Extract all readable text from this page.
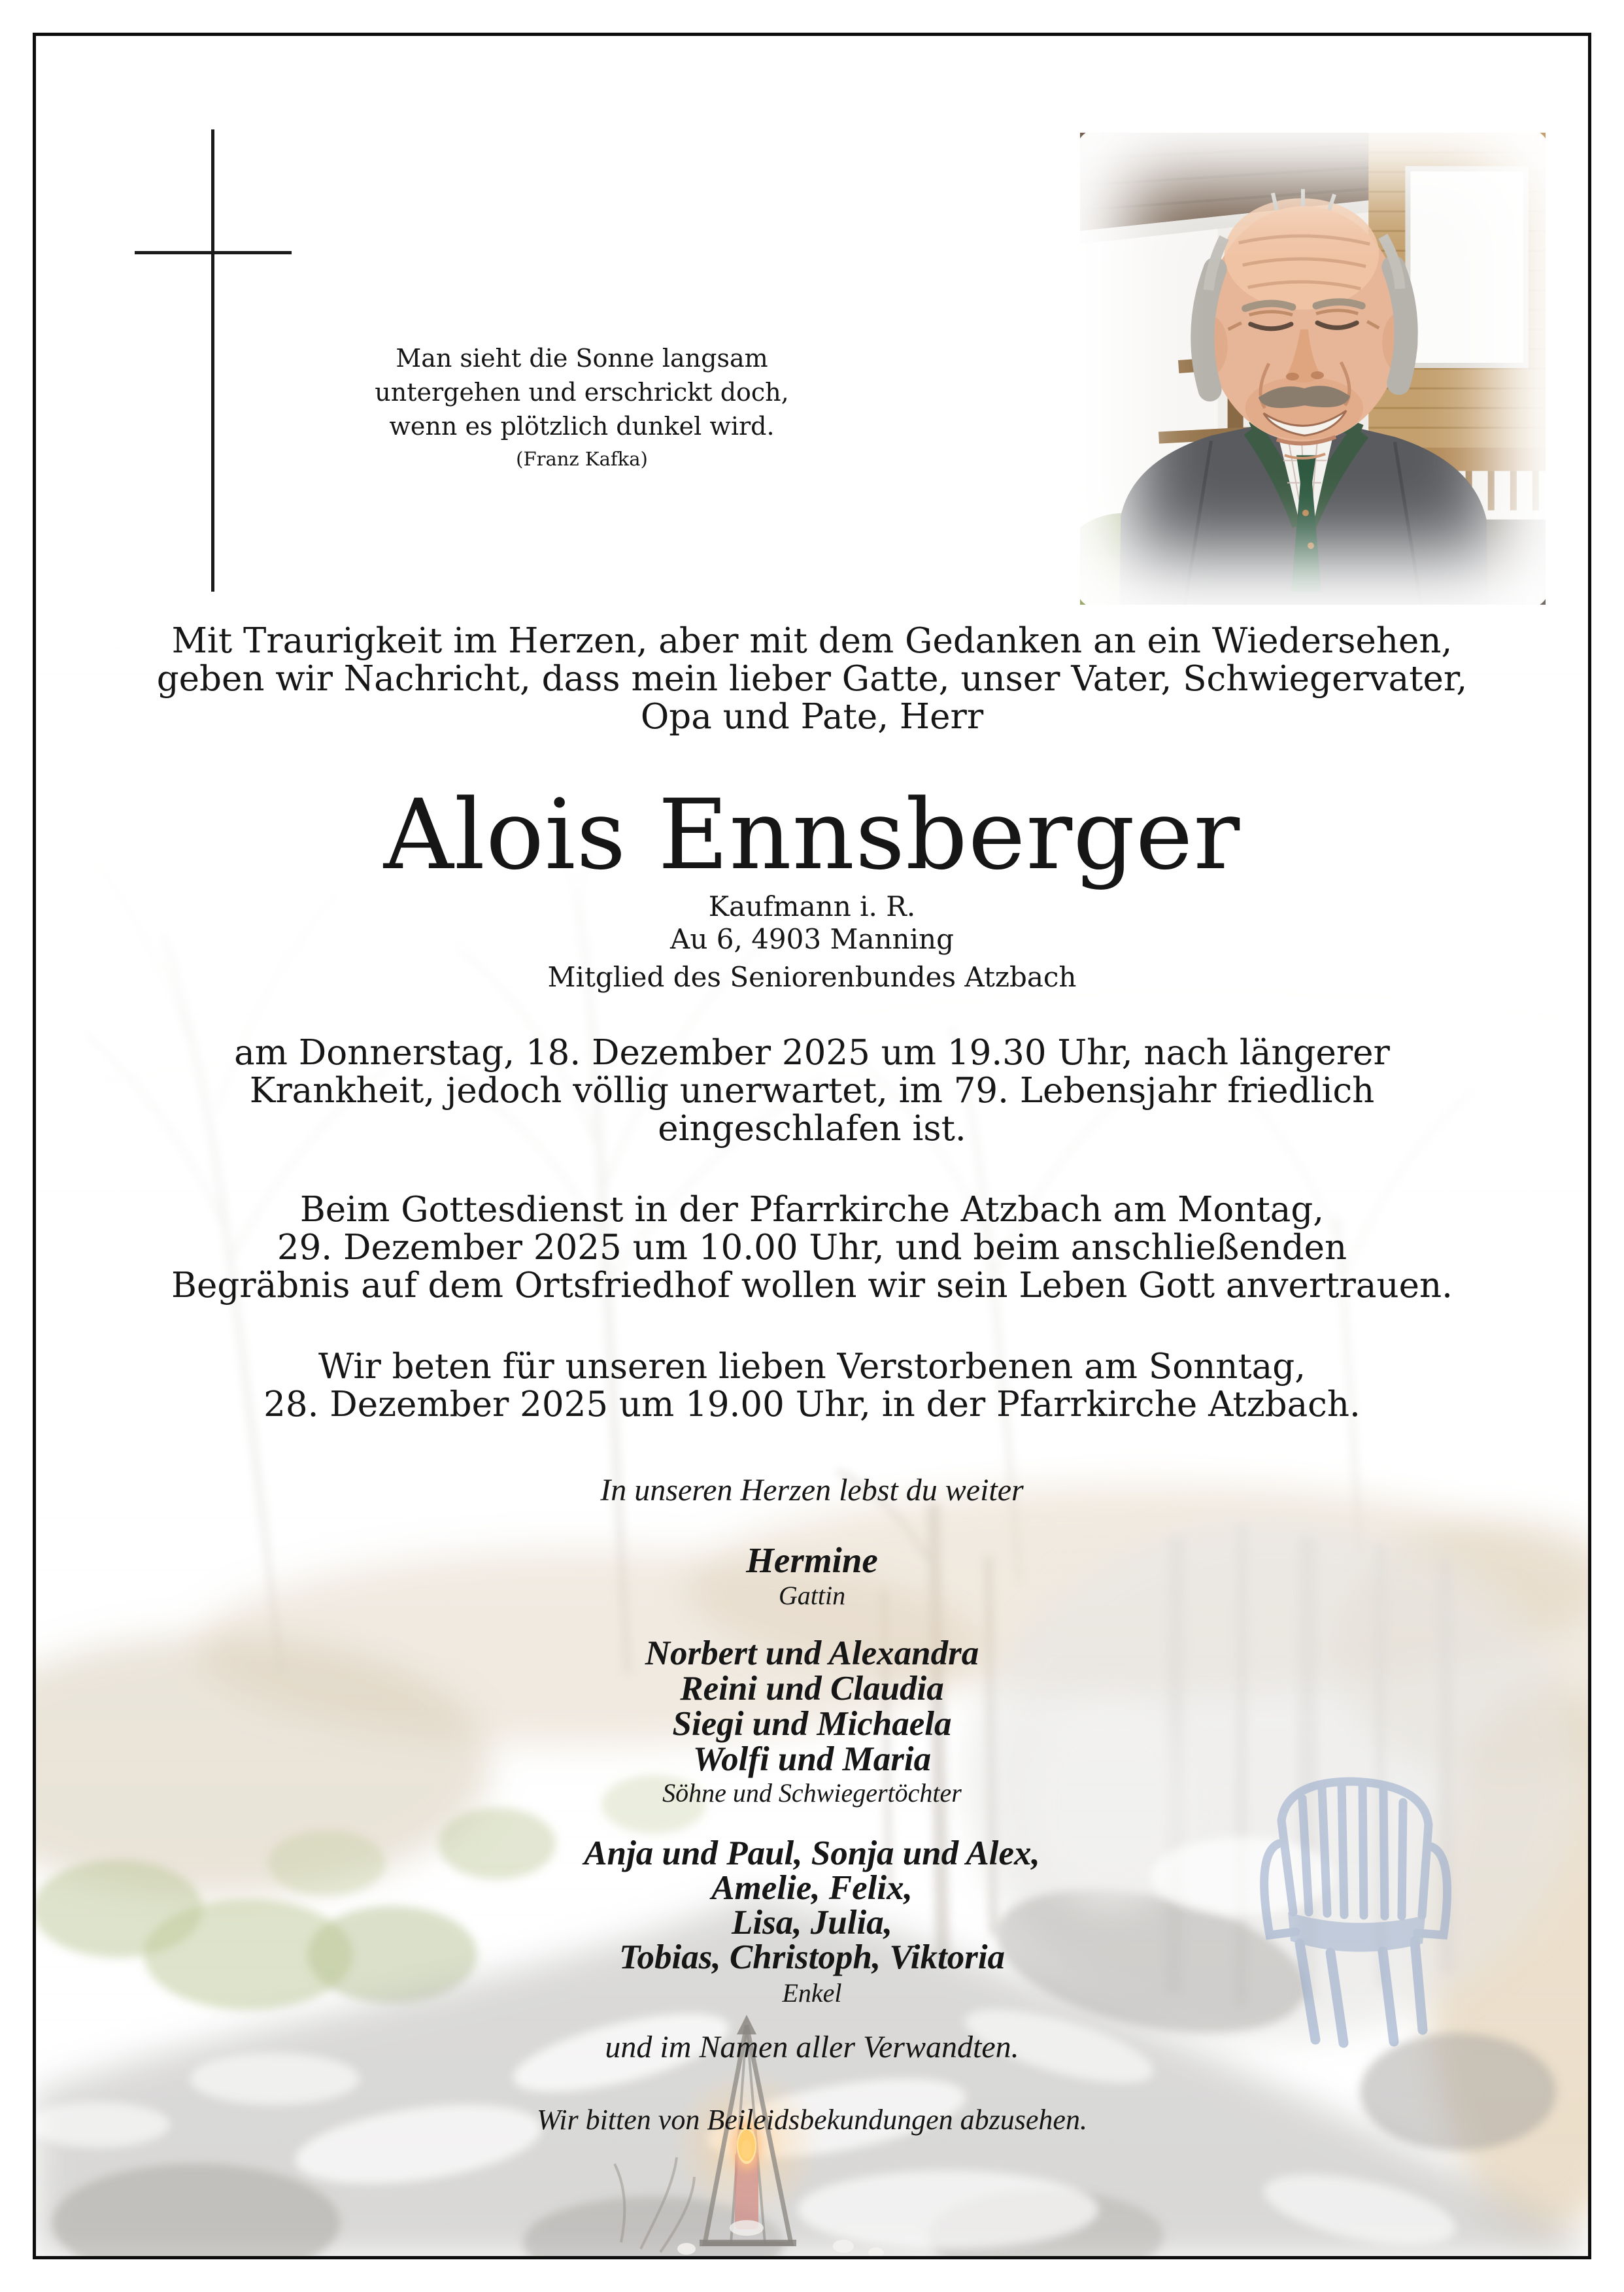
Man sieht die Sonne langsam
untergehen und erschrickt doch,
wenn es plötzlich dunkel wird.
(Franz Kafka)
Mit Traurigkeit im Herzen, aber mit dem Gedanken an ein Wiedersehen,
geben wir Nachricht, dass mein lieber Gatte, unser Vater, Schwiegervater,
Opa und Pate, Herr
Alois Ennsberger
Kaufmann i. R.
Au 6, 4903 Manning
Mitglied des Seniorenbundes Atzbach
am Donnerstag, 18. Dezember 2025 um 19.30 Uhr, nach längerer
Krankheit, jedoch völlig unerwartet, im 79. Lebensjahr friedlich
eingeschlafen ist.
Beim Gottesdienst in der Pfarrkirche Atzbach am Montag,
29. Dezember 2025 um 10.00 Uhr, und beim anschließenden
Begräbnis auf dem Ortsfriedhof wollen wir sein Leben Gott anvertrauen.
Wir beten für unseren lieben Verstorbenen am Sonntag,
28. Dezember 2025 um 19.00 Uhr, in der Pfarrkirche Atzbach.
In unseren Herzen lebst du weiter
Hermine
Gattin
Norbert und Alexandra
Reini und Claudia
Siegi und Michaela
Wolfi und Maria
Söhne und Schwiegertöchter
Anja und Paul, Sonja und Alex,
Amelie, Felix,
Lisa, Julia,
Tobias, Christoph, Viktoria
Enkel
und im Namen aller Verwandten.
Wir bitten von Beileidsbekundungen abzusehen.
